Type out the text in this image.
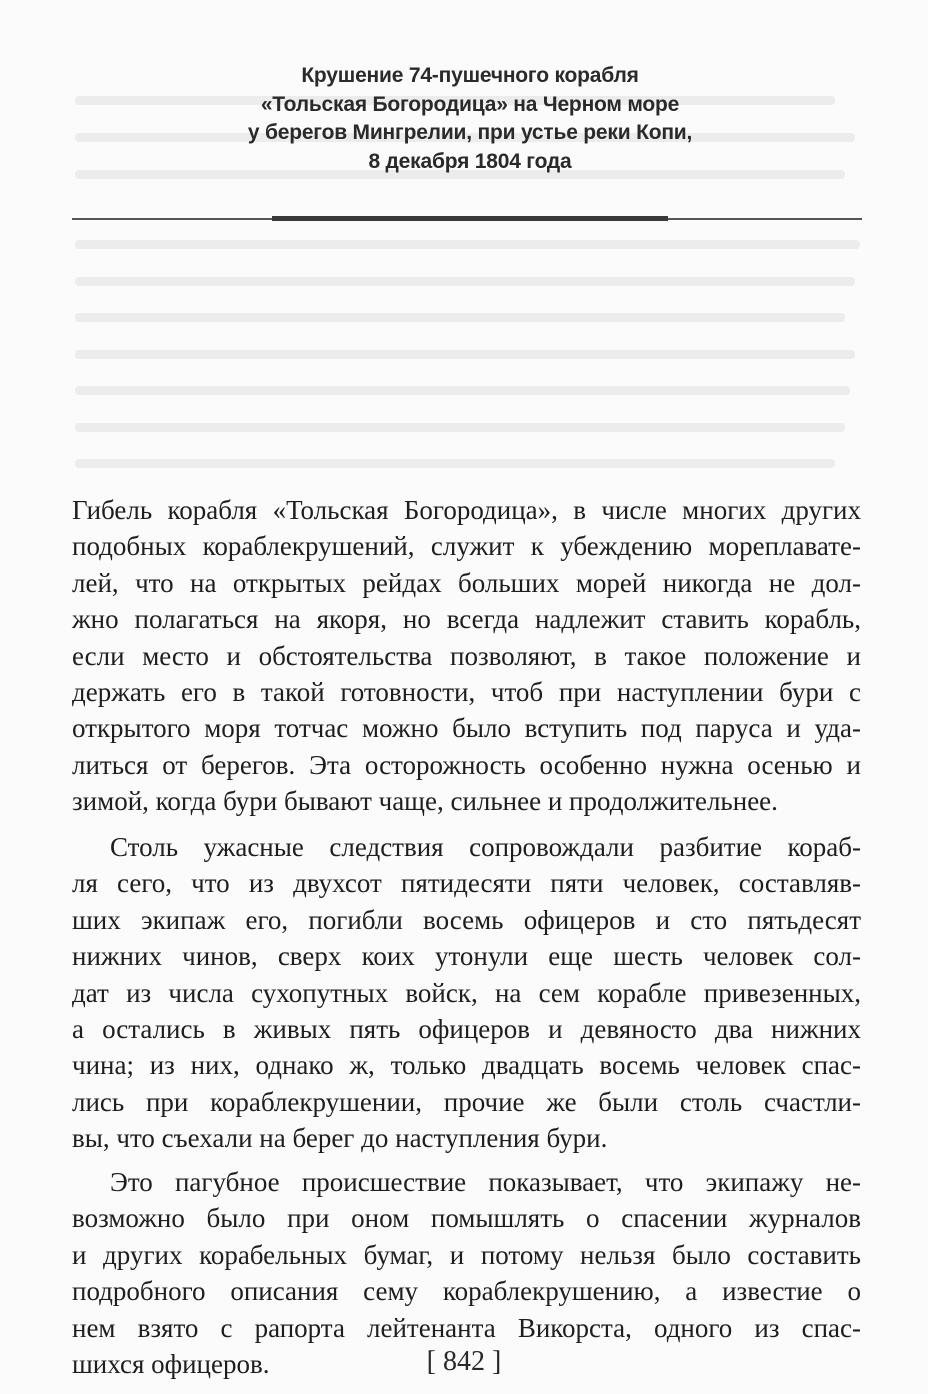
Крушение 74-пушечного корабля
«Тольская Богородица» на Черном море
у берегов Мингрелии, при устье реки Копи,
8 декабря 1804 года
Гибель корабля «Тольская Богородица», в числе многих других
подобных кораблекрушений, служит к убеждению мореплавате-
лей, что на открытых рейдах больших морей никогда не дол-
жно полагаться на якоря, но всегда надлежит ставить корабль,
если место и обстоятельства позволяют, в такое положение и
держать его в такой готовности, чтоб при наступлении бури с
открытого моря тотчас можно было вступить под паруса и уда-
литься от берегов. Эта осторожность особенно нужна осенью и
зимой, когда бури бывают чаще, сильнее и продолжительнее.
Столь ужасные следствия сопровождали разбитие кораб-
ля сего, что из двухсот пятидесяти пяти человек, составляв-
ших экипаж его, погибли восемь офицеров и сто пятьдесят
нижних чинов, сверх коих утонули еще шесть человек сол-
дат из числа сухопутных войск, на сем корабле привезенных,
а остались в живых пять офицеров и девяносто два нижних
чина; из них, однако ж, только двадцать восемь человек спас-
лись при кораблекрушении, прочие же были столь счастли-
вы, что съехали на берег до наступления бури.
Это пагубное происшествие показывает, что экипажу не-
возможно было при оном помышлять о спасении журналов
и других корабельных бумаг, и потому нельзя было составить
подробного описания сему кораблекрушению, а известие о
нем взято с рапорта лейтенанта Викорста, одного из спас-
шихся офицеров.	[ 842 ]
